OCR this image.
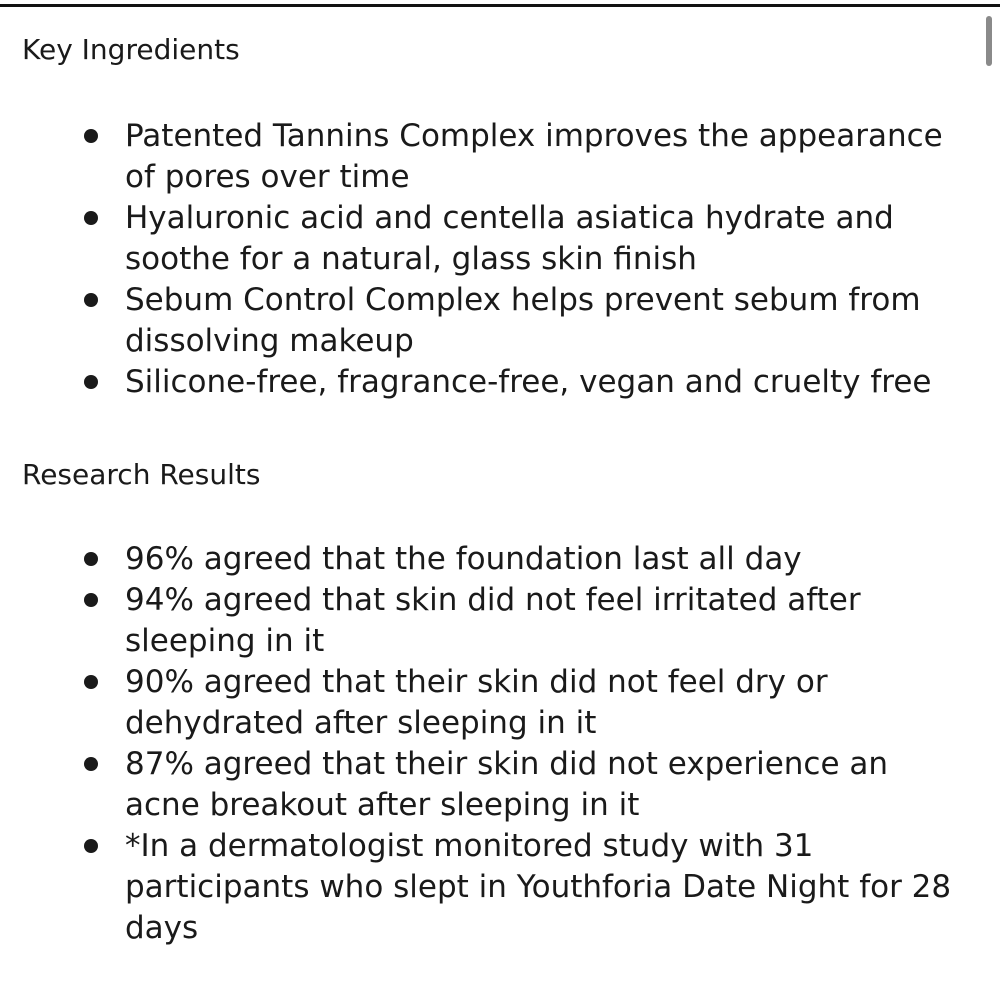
Key Ingredients
Patented Tannins Complex improves the appearance of pores over time
Hyaluronic acid and centella asiatica hydrate and soothe for a natural, glass skin finish
Sebum Control Complex helps prevent sebum from dissolving makeup
Silicone-free, fragrance-free, vegan and cruelty free
Research Results
96% agreed that the foundation last all day
94% agreed that skin did not feel irritated after sleeping in it
90% agreed that their skin did not feel dry or dehydrated after sleeping in it
87% agreed that their skin did not experience an acne breakout after sleeping in it
*In a dermatologist monitored study with 31 participants who slept in Youthforia Date Night for 28 days
